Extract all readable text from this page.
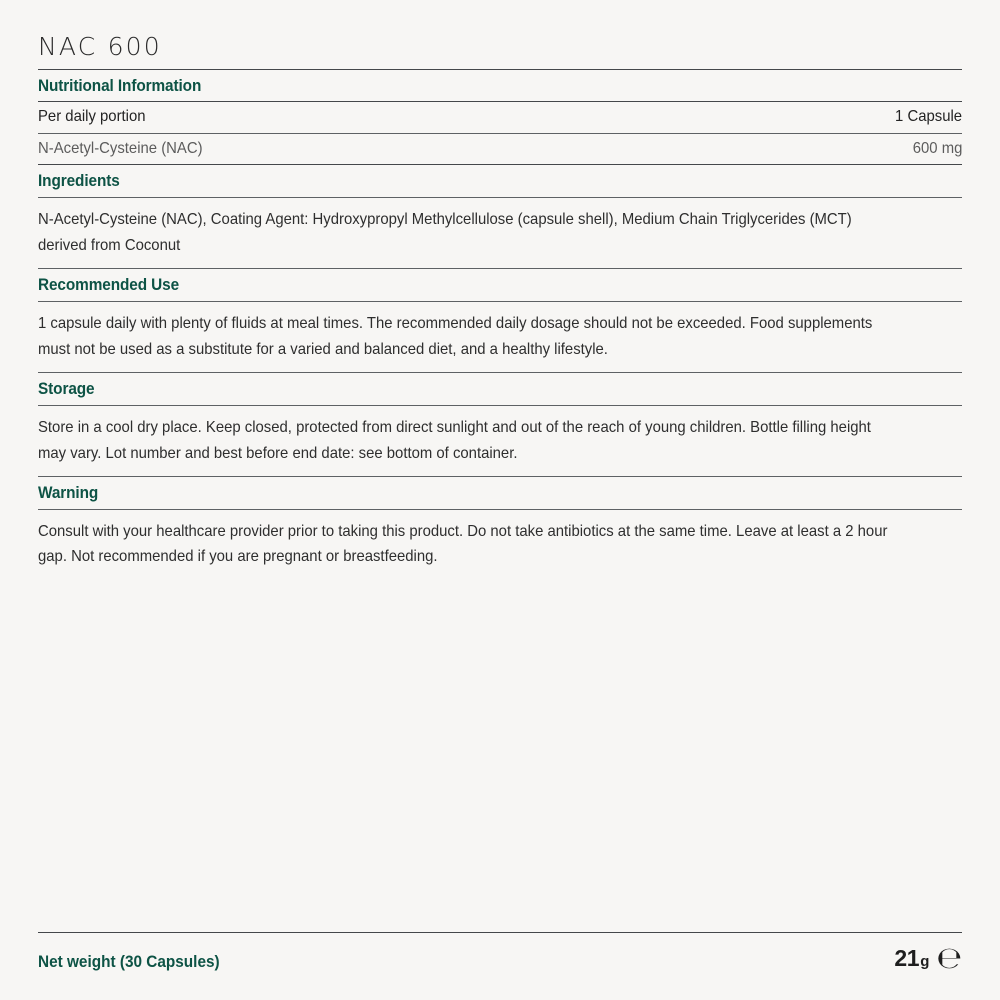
NAC 600
Nutritional Information
Per daily portion	1 Capsule
N-Acetyl-Cysteine (NAC)	600 mg
Ingredients
N-Acetyl-Cysteine (NAC), Coating Agent: Hydroxypropyl Methylcellulose (capsule shell), Medium Chain Triglycerides (MCT) derived from Coconut
Recommended Use
1 capsule daily with plenty of fluids at meal times. The recommended daily dosage should not be exceeded. Food supplements must not be used as a substitute for a varied and balanced diet, and a healthy lifestyle.
Storage
Store in a cool dry place. Keep closed, protected from direct sunlight and out of the reach of young children. Bottle filling height may vary. Lot number and best before end date: see bottom of container.
Warning
Consult with your healthcare provider prior to taking this product. Do not take antibiotics at the same time. Leave at least a 2 hour gap. Not recommended if you are pregnant or breastfeeding.
Net weight (30 Capsules)	21 g ℮
